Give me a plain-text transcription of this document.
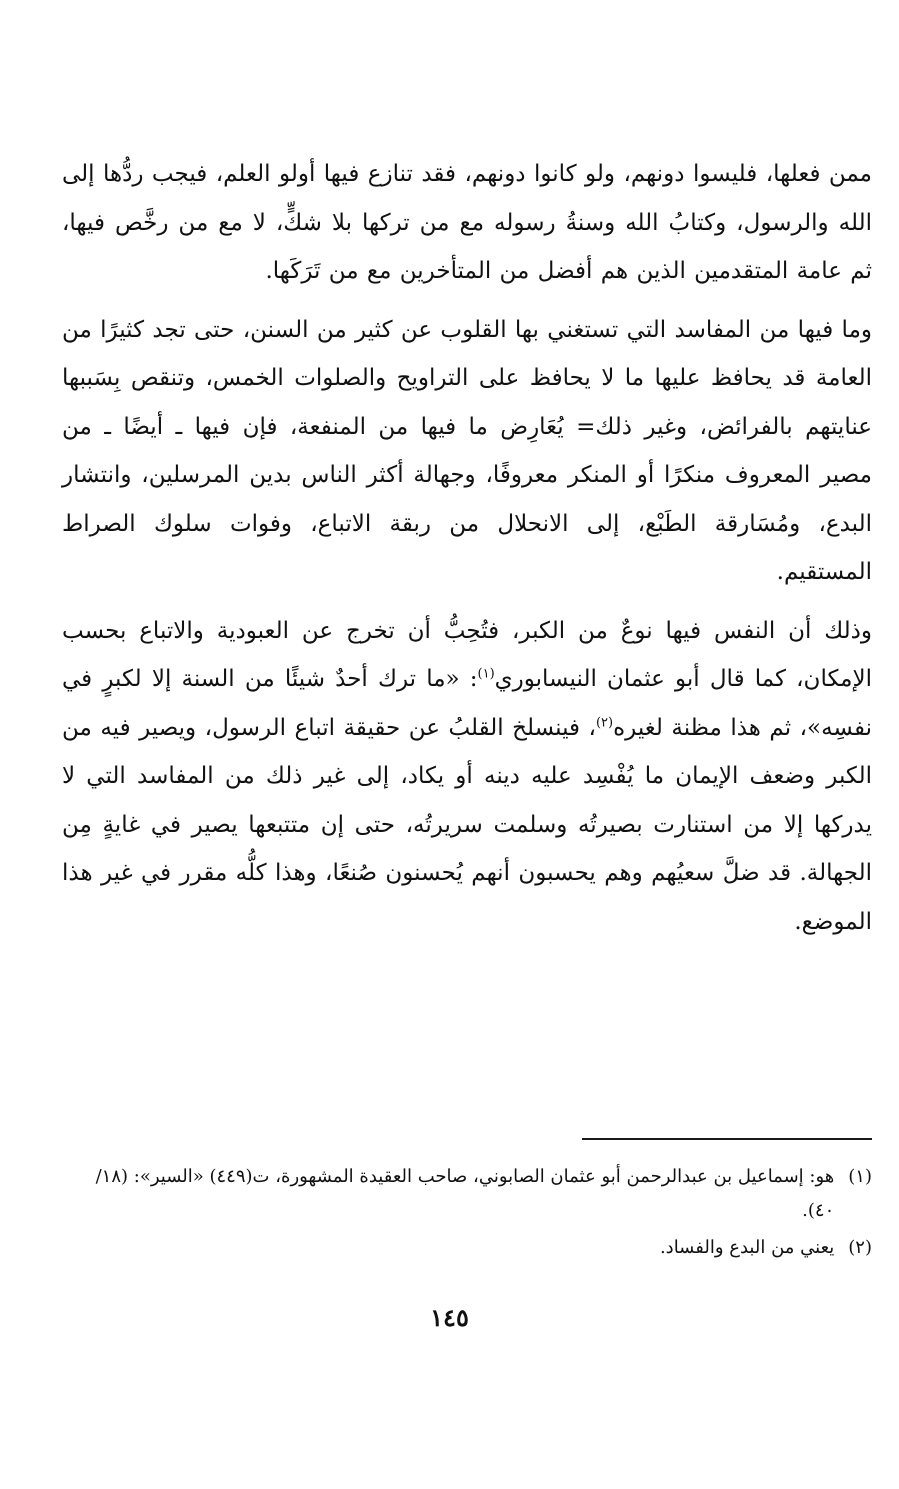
ممن فعلها، فليسوا دونهم، ولو كانوا دونهم، فقد تنازع فيها أولو العلم، فيجب ردُّها إلى الله والرسول، وكتابُ الله وسنةُ رسوله مع من تركها بلا شكٍّ، لا مع من رخَّص فيها، ثم عامة المتقدمين الذين هم أفضل من المتأخرين مع من تَرَكَها.

وما فيها من المفاسد التي تستغني بها القلوب عن كثير من السنن، حتى تجد كثيرًا من العامة قد يحافظ عليها ما لا يحافظ على التراويح والصلوات الخمس، وتنقص بِسَببها عنايتهم بالفرائض، وغير ذلك= يُعَارِض ما فيها من المنفعة، فإن فيها ـ أيضًا ـ من مصير المعروف منكرًا أو المنكر معروفًا، وجهالة أكثر الناس بدين المرسلين، وانتشار البدع، ومُسَارقة الطَبْع، إلى الانحلال من ربقة الاتباع، وفوات سلوك الصراط المستقيم.

وذلك أن النفس فيها نوعٌ من الكبر، فتُحِبُّ أن تخرج عن العبودية والاتباع بحسب الإمكان، كما قال أبو عثمان النيسابوري$^{(١)}$: «ما ترك أحدٌ شيئًا من السنة إلا لكبرٍ في نفسِه»، ثم هذا مظنة لغيره$^{(٢)}$، فينسلخ القلبُ عن حقيقة اتباع الرسول، ويصير فيه من الكبر وضعف الإيمان ما يُفْسِد عليه دينه أو يكاد، إلى غير ذلك من المفاسد التي لا يدركها إلا من استنارت بصيرتُه وسلمت سريرتُه، حتى إن متتبعها يصير في غايةٍ مِن الجهالة. قد ضلَّ سعيُهم وهم يحسبون أنهم يُحسنون صُنعًا، وهذا كلُّه مقرر في غير هذا الموضع.

(١)
هو: إسماعيل بن عبدالرحمن أبو عثمان الصابوني، صاحب العقيدة المشهورة، ت(٤٤٩) «السير»: (١٨/ ٤٠).
(٢)
يعني من البدع والفساد.
١٤٥
